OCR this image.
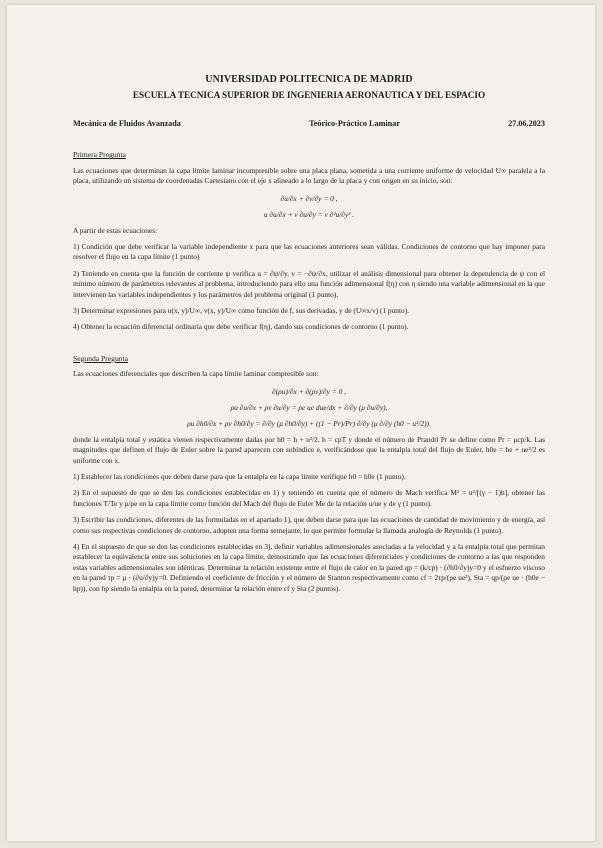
UNIVERSIDAD POLITECNICA DE MADRID
ESCUELA TECNICA SUPERIOR DE INGENIERIA AERONAUTICA Y DEL ESPACIO
Mecánica de Fluidos Avanzada	Teórico-Práctico Laminar	27.06.2023
Primera Pregunta

Las ecuaciones que determinan la capa límite laminar incompresible sobre una placa plana, sometida a una corriente uniforme de velocidad U∞ paralela a la placa, utilizando un sistema de coordenadas Cartesiano con el eje x alineado a lo largo de la placa y con origen en su inicio, son:

∂u/∂x + ∂v/∂y = 0 ,
u ∂u/∂x + v ∂u/∂y = ν ∂²u/∂y² .

A partir de estas ecuaciones:

1) Condición que debe verificar la variable independiente x para que las ecuaciones anteriores sean válidas. Condiciones de contorno que hay imponer para resolver el flujo en la capa límite (1 punto)

2) Teniendo en cuenta que la función de corriente ψ verifica u = ∂ψ/∂y, v = −∂ψ/∂x, utilizar el análisis dimensional para obtener la dependencia de ψ con el mínimo número de parámetros relevantes al problema, introduciendo para ello una función adimensional f(η) con η siendo una variable adimensional en la que intervienen las variables independientes y los parámetros del problema original (1 punto).

3) Determinar expresiones para u(x, y)/U∞, v(x, y)/U∞ como función de f, sus derivadas, y de (U∞x/ν) (1 punto).

4) Obtener la ecuación diferencial ordinaria que debe verificar f(η), dando sus condiciones de contorno (1 punto).

Segunda Pregunta

Las ecuaciones diferenciales que describen la capa límite laminar compresible son:

∂(ρu)/∂x + ∂(ρv)/∂y = 0 ,
ρu ∂u/∂x + ρv ∂u/∂y = ρe ue due/dx + ∂/∂y (μ ∂u/∂y),
ρu ∂h0/∂x + ρv ∂h0/∂y = ∂/∂y (μ ∂h0/∂y) + ((1 − Pr)/Pr) ∂/∂y (μ ∂/∂y (h0 − u²/2)).

donde la entalpía total y estática vienen respectivamente dadas por h0 = h + u²/2, h = cpT y donde el número de Prandtl Pr se define como Pr = μcp/k. Las magnitudes que definen el flujo de Euler sobre la pared aparecen con subíndice e, verificándose que la entalpía total del flujo de Euler, h0e = he + ue²/2 es uniforme con x.

1) Establecer las condiciones que deben darse para que la entalpía en la capa límite verifique h0 = h0e (1 punto).

2) En el supuesto de que se den las condiciones establecidas en 1) y teniendo en cuenta que el número de Mach verifica M² = u²/[(γ − 1)h], obtener las funciones T/Te y ρ/ρe en la capa límite como función del Mach del flujo de Euler Me de la relación u/ue y de γ (1 punto).

3) Escribir las condiciones, diferentes de las formuladas en el apartado 1), que deben darse para que las ecuaciones de cantidad de movimiento y de energía, así como sus respectivas condiciones de contorno, adopten una forma semejante, lo que permite formular la llamada analogía de Reynolds (1 punto).

4) En el supuesto de que se den las condiciones establecidas en 3), definir variables adimensionales asociadas a la velocidad y a la entalpía total que permitan establecer la equivalencia entre sus soluciones en la capa límite, demostrando que las ecuaciones diferenciales y condiciones de contorno a las que responden estas variables adimensionales son idénticas. Determinar la relación existente entre el flujo de calor en la pared qp = (k/cp) · (∂h0/∂y)y=0 y el esfuerzo viscoso en la pared τp = μ · (∂u/∂y)y=0. Definiendo el coeficiente de fricción y el número de Stanton respectivamente como cf = 2τp/(ρe ue²), Sta = qp/(ρe ue · (h0e − hp)), con hp siendo la entalpía en la pared, determinar la relación entre cf y Sta (2 puntos).
